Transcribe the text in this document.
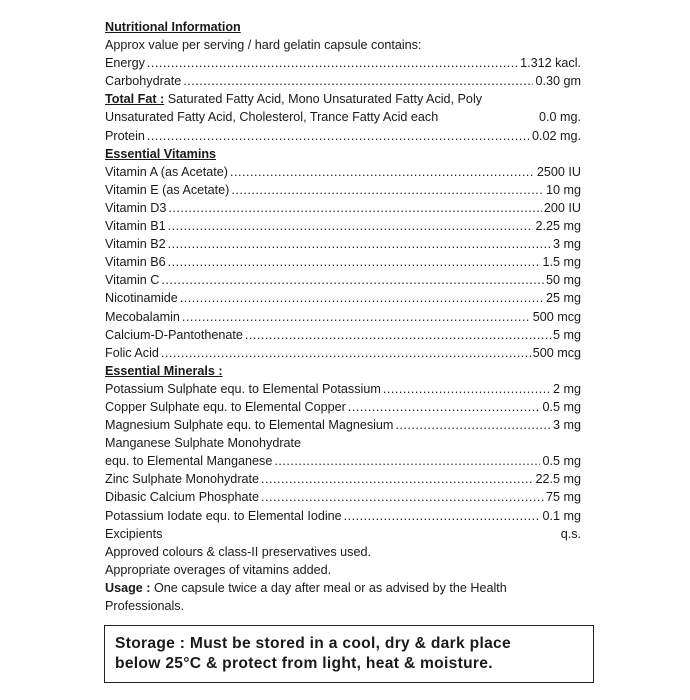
Nutritional Information
Approx value per serving / hard gelatin capsule contains:
Energy .....	1.312 kacl.
Carbohydrate .....	0.30 gm
Total Fat : Saturated Fatty Acid, Mono Unsaturated Fatty Acid, Poly
Unsaturated Fatty Acid, Cholesterol, Trance Fatty Acid each	0.0 mg.
Protein .....	0.02 mg.
Essential Vitamins
Vitamin A (as Acetate) .....	2500 IU
Vitamin E (as Acetate) .....	10 mg
Vitamin D3 .....	200 IU
Vitamin B1 .....	2.25 mg
Vitamin B2 .....	3 mg
Vitamin B6 .....	1.5 mg
Vitamin C .....	50 mg
Nicotinamide .....	25 mg
Mecobalamin .....	500 mcg
Calcium-D-Pantothenate .....	5 mg
Folic Acid .....	500 mcg
Essential Minerals :
Potassium Sulphate equ. to Elemental Potassium .....	2 mg
Copper Sulphate equ. to Elemental Copper .....	0.5 mg
Magnesium Sulphate equ. to Elemental Magnesium .....	3 mg
Manganese Sulphate Monohydrate
equ. to Elemental Manganese .....	0.5 mg
Zinc Sulphate Monohydrate .....	22.5 mg
Dibasic Calcium Phosphate .....	75 mg
Potassium Iodate equ. to Elemental Iodine .....	0.1 mg
Excipients	q.s.
Approved colours & class-II preservatives used.
Appropriate overages of vitamins added.
Usage : One capsule twice a day after meal or as advised by the Health Professionals.
Storage : Must be stored in a cool, dry & dark place
below 25°C & protect from light, heat & moisture.
